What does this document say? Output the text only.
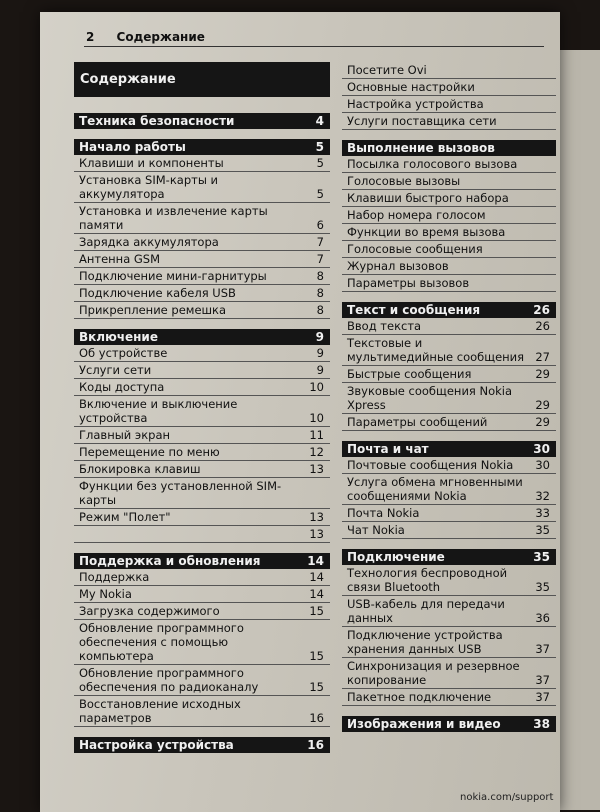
2 Содержание
Содержание
Техника безопасности	4
Начало работы	5
Клавиши и компоненты	5
Установка SIM-карты и аккумулятора	5
Установка и извлечение карты памяти	6
Зарядка аккумулятора	7
Антенна GSM	7
Подключение мини-гарнитуры	8
Подключение кабеля USB	8
Прикрепление ремешка	8
Включение	9
Об устройстве	9
Услуги сети	9
Коды доступа	10
Включение и выключение устройства	10
Главный экран	11
Перемещение по меню	12
Блокировка клавиш	13
Функции без установленной SIM-карты
Режим "Полет"	13
13
Поддержка и обновления	14
Поддержка	14
My Nokia	14
Загрузка содержимого	15
Обновление программного обеспечения с помощью компьютера	15
Обновление программного обеспечения по радиоканалу	15
Восстановление исходных параметров	16
Настройка устройства	16
Посетите Ovi
Основные настройки
Настройка устройства
Услуги поставщика сети
Выполнение вызовов
Посылка голосового вызова
Голосовые вызовы
Клавиши быстрого набора
Набор номера голосом
Функции во время вызова
Голосовые сообщения
Журнал вызовов
Параметры вызовов
Текст и сообщения	26
Ввод текста	26
Текстовые и мультимедийные сообщения 27
Быстрые сообщения	29
Звуковые сообщения Nokia Xpress	29
Параметры сообщений	29
Почта и чат	30
Почтовые сообщения Nokia	30
Услуга обмена мгновенными сообщениями Nokia	32
Почта Nokia	33
Чат Nokia	35
Подключение	35
Технология беспроводной связи Bluetooth	35
USB-кабель для передачи данных	36
Подключение устройства хранения данных USB	37
Синхронизация и резервное копирование	37
Пакетное подключение	37
Изображения и видео	38
nokia.com/support
